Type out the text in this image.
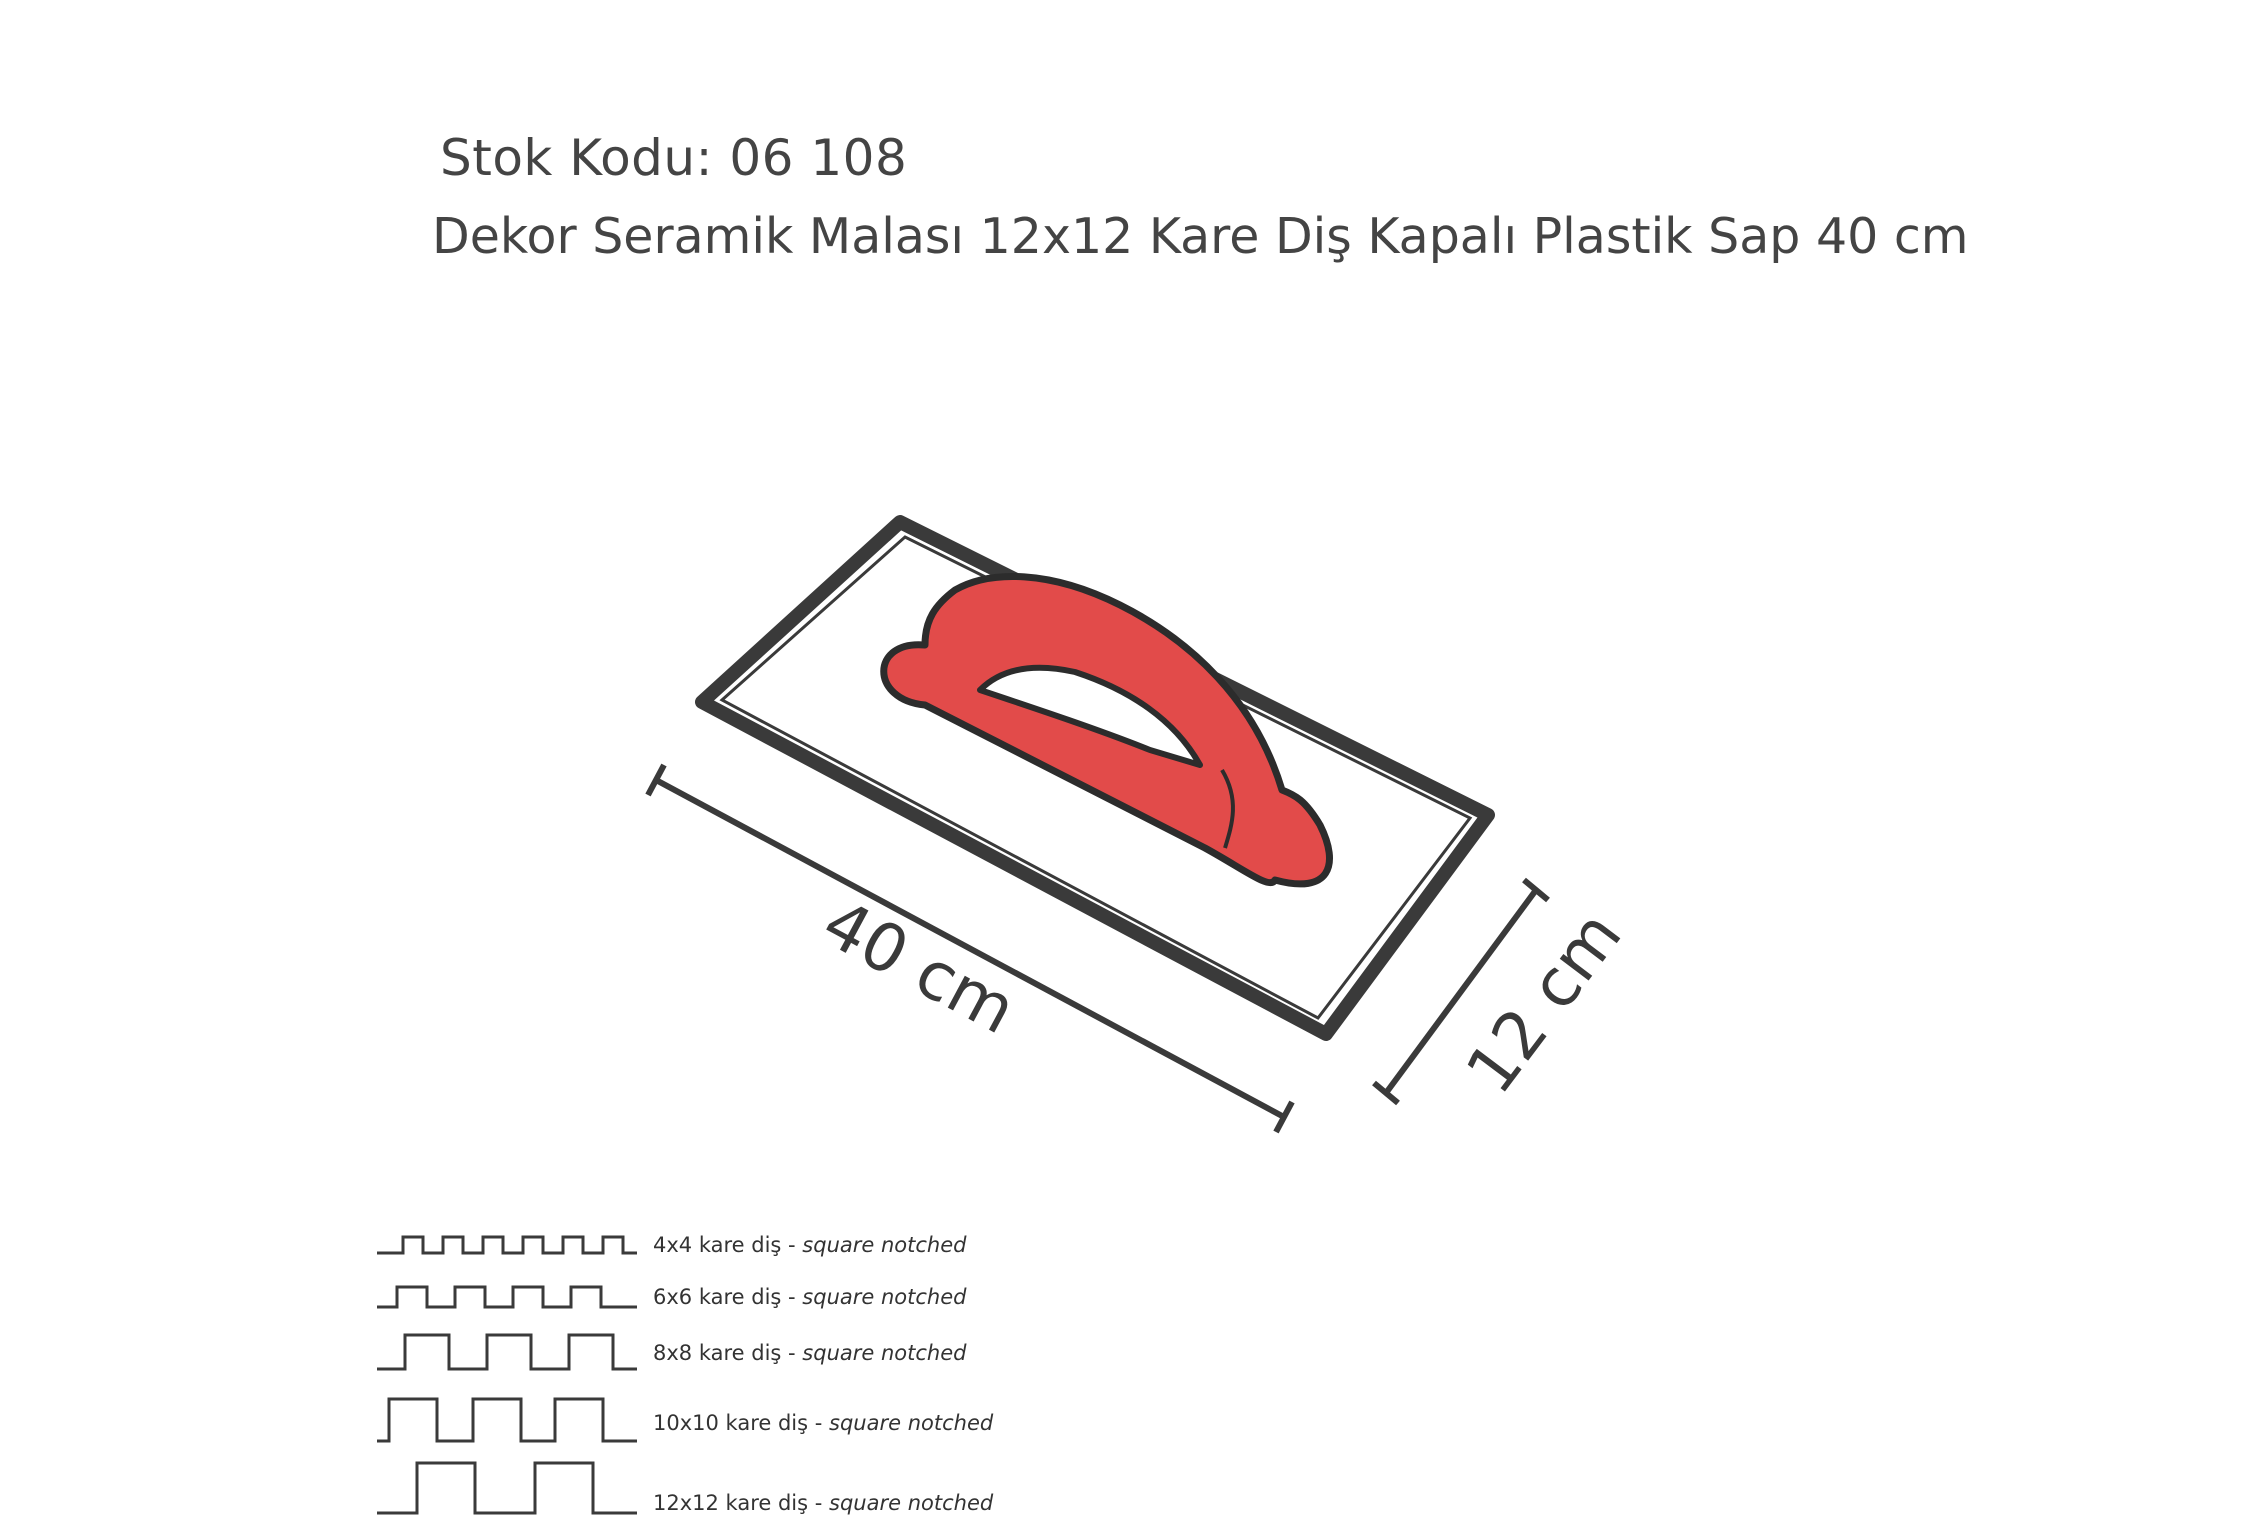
Stok Kodu: 06 108
Dekor Seramik Malası 12x12 Kare Diş Kapalı Plastik Sap 40 cm
40 cm	12 cm
4x4 kare diş - square notched
6x6 kare diş - square notched
8x8 kare diş - square notched
10x10 kare diş - square notched
12x12 kare diş - square notched
